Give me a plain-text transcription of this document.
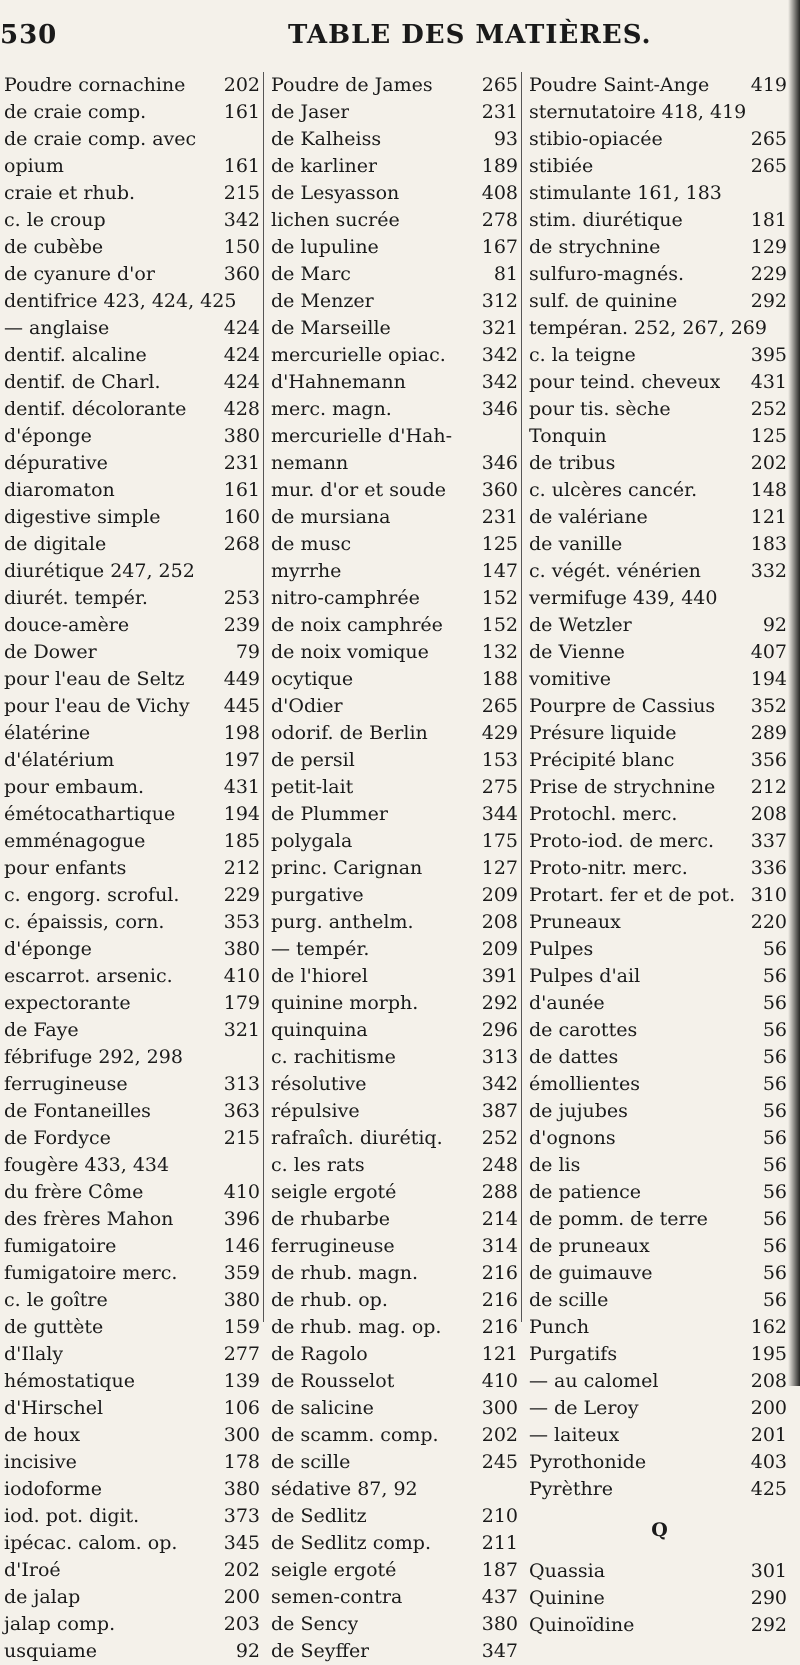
530	TABLE DES MATIÈRES.
Poudre cornachine	202
de craie comp.	161
de craie comp. avec
opium	161
craie et rhub.	215
c. le croup	342
de cubèbe	150
de cyanure d'or	360
dentifrice 423, 424, 425
— anglaise	424
dentif. alcaline	424
dentif. de Charl.	424
dentif. décolorante	428
d'éponge	380
dépurative	231
diaromaton	161
digestive simple	160
de digitale	268
diurétique 247, 252
diurét. tempér.	253
douce-amère	239
de Dower	79
pour l'eau de Seltz	449
pour l'eau de Vichy	445
élatérine	198
d'élatérium	197
pour embaum.	431
émétocathartique	194
emménagogue	185
pour enfants	212
c. engorg. scroful.	229
c. épaissis, corn.	353
d'éponge	380
escarrot. arsenic.	410
expectorante	179
de Faye	321
fébrifuge 292, 298
ferrugineuse	313
de Fontaneilles	363
de Fordyce	215
fougère 433, 434
du frère Côme	410
des frères Mahon	396
fumigatoire	146
fumigatoire merc.	359
c. le goître	380
de guttète	159
d'Ilaly	277
hémostatique	139
d'Hirschel	106
de houx	300
incisive	178
iodoforme	380
iod. pot. digit.	373
ipécac. calom. op.	345
d'Iroé	202
de jalap	200
jalap comp.	203
usquiame	92
Poudre de James	265
de Jaser	231
de Kalheiss	93
de karliner	189
de Lesyasson	408
lichen sucrée	278
de lupuline	167
de Marc	81
de Menzer	312
de Marseille	321
mercurielle opiac.	342
d'Hahnemann	342
merc. magn.	346
mercurielle d'Hah-
nemann	346
mur. d'or et soude	360
de mursiana	231
de musc	125
myrrhe	147
nitro-camphrée	152
de noix camphrée	152
de noix vomique	132
ocytique	188
d'Odier	265
odorif. de Berlin	429
de persil	153
petit-lait	275
de Plummer	344
polygala	175
princ. Carignan	127
purgative	209
purg. anthelm.	208
— tempér.	209
de l'hiorel	391
quinine morph.	292
quinquina	296
c. rachitisme	313
résolutive	342
répulsive	387
rafraîch. diurétiq.	252
c. les rats	248
seigle ergoté	288
de rhubarbe	214
ferrugineuse	314
de rhub. magn.	216
de rhub. op.	216
de rhub. mag. op.	216
de Ragolo	121
de Rousselot	410
de salicine	300
de scamm. comp.	202
de scille	245
sédative 87, 92
de Sedlitz	210
de Sedlitz comp.	211
seigle ergoté	187
semen-contra	437
de Sency	380
de Seyffer	347
Poudre Saint-Ange	419
sternutatoire 418, 419
stibio-opiacée	265
stibiée	265
stimulante 161, 183
stim. diurétique	181
de strychnine	129
sulfuro-magnés.	229
sulf. de quinine	292
tempéran. 252, 267, 269
c. la teigne	395
pour teind. cheveux	431
pour tis. sèche	252
Tonquin	125
de tribus	202
c. ulcères cancér.	148
de valériane	121
de vanille	183
c. végét. vénérien	332
vermifuge 439, 440
de Wetzler	92
de Vienne	407
vomitive	194
Pourpre de Cassius	352
Présure liquide	289
Précipité blanc	356
Prise de strychnine	212
Protochl. merc.	208
Proto-iod. de merc.	337
Proto-nitr. merc.	336
Protart. fer et de pot. 310
Pruneaux	220
Pulpes	56
Pulpes d'ail	56
d'aunée	56
de carottes	56
de dattes	56
émollientes	56
de jujubes	56
d'ognons	56
de lis	56
de patience	56
de pomm. de terre	56
de pruneaux	56
de guimauve	56
de scille	56
Punch	162
Purgatifs	195
— au calomel	208
— de Leroy	200
— laiteux	201
Pyrothonide	403
Pyrèthre	425
Q
Quassia	301
Quinine	290
Quinoïdine	292
